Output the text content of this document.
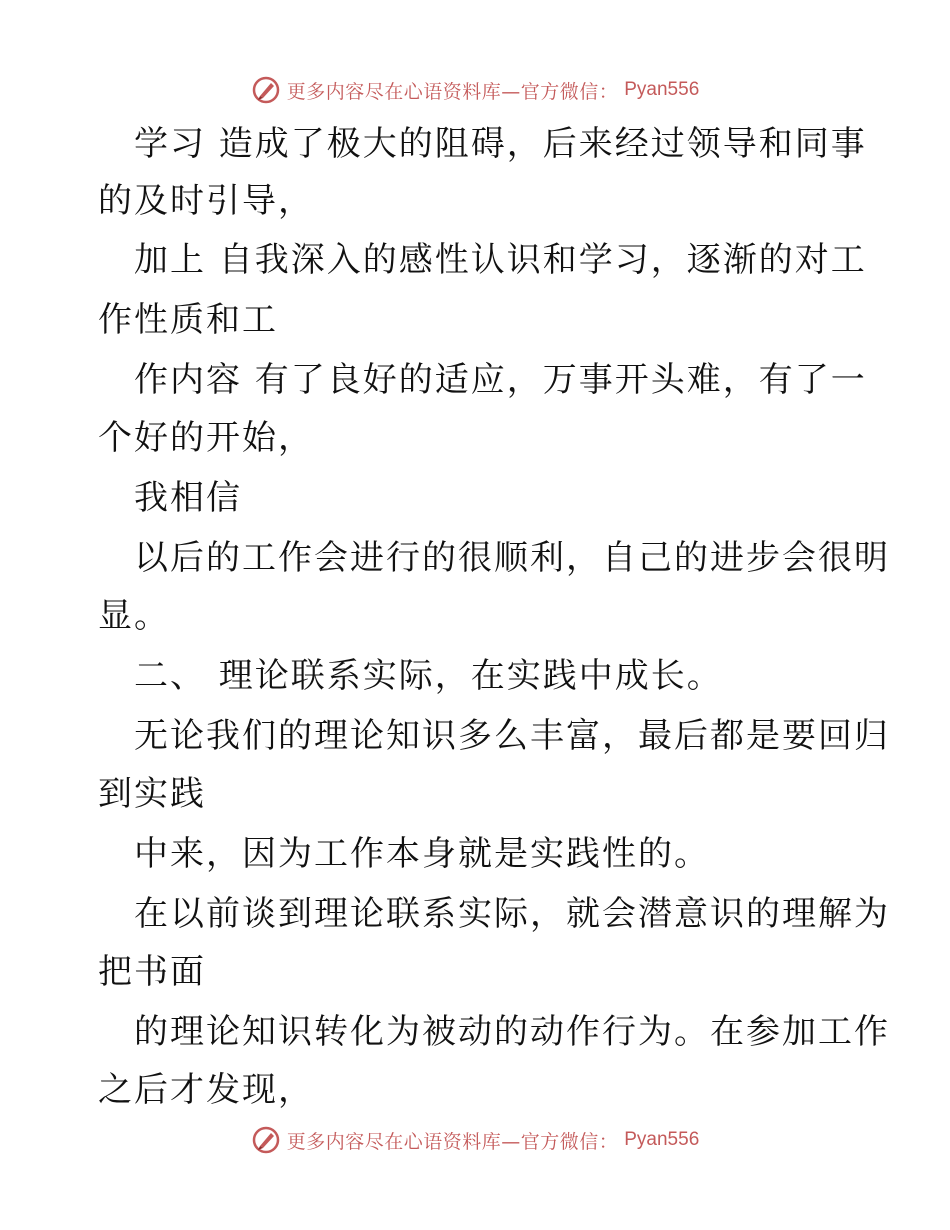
更多内容尽在心语资料库—官方微信： Pyan556
　学习 造成了极大的阻碍，后来经过领导和同事
的及时引导，
　加上 自我深入的感性认识和学习，逐渐的对工
作性质和工
　作内容 有了良好的适应，万事开头难，有了一
个好的开始，
　我相信
　以后的工作会进行的很顺利，自己的进步会很明
显。
　二、 理论联系实际，在实践中成长。
　无论我们的理论知识多么丰富，最后都是要回归
到实践
　中来，因为工作本身就是实践性的。
　在以前谈到理论联系实际，就会潜意识的理解为
把书面
　的理论知识转化为被动的动作行为。在参加工作
之后才发现，
更多内容尽在心语资料库—官方微信： Pyan556
